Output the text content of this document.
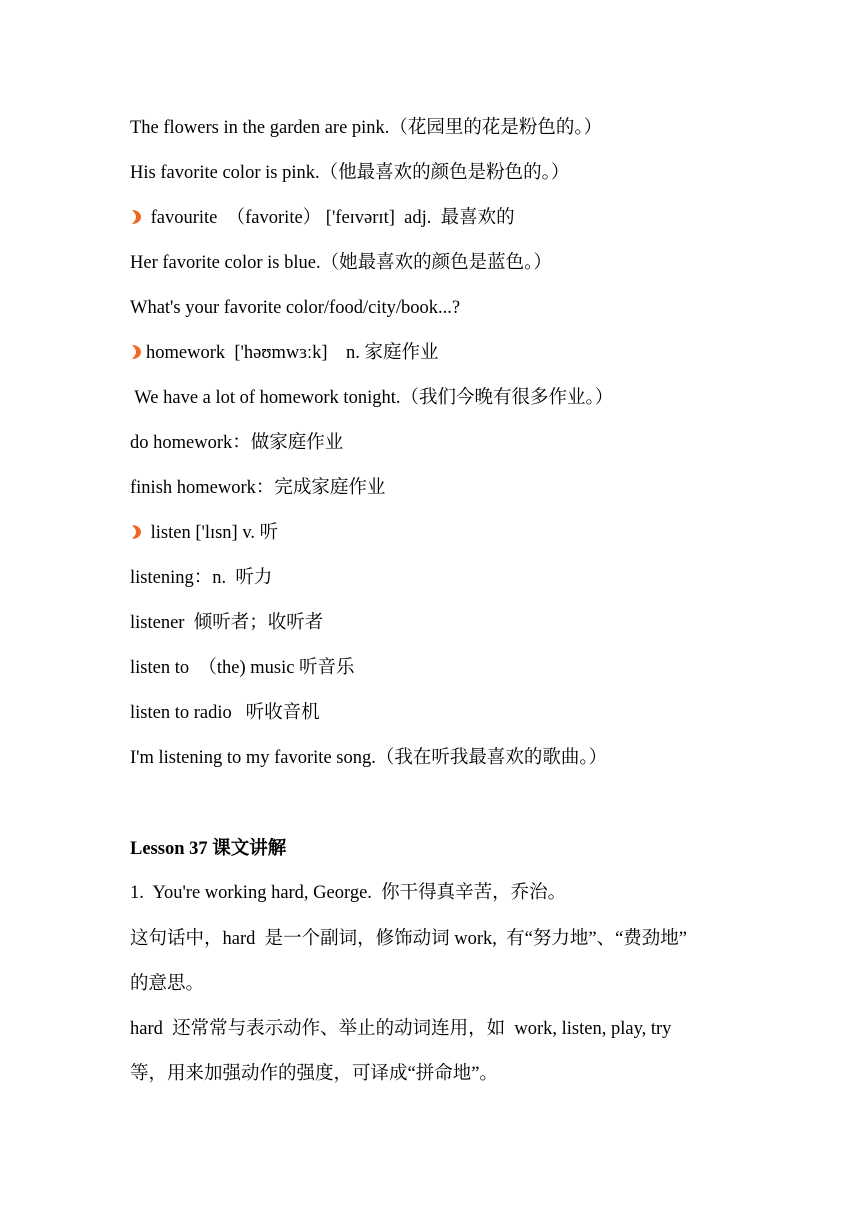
The flowers in the garden are pink.（花园里的花是粉色的。）
His favorite color is pink.（他最喜欢的颜色是粉色的。）
favourite  （favorite） ['feɪvərɪt]  adj.  最喜欢的
Her favorite color is blue.（她最喜欢的颜色是蓝色。）
What's your favorite color/food/city/book...?
homework  ['həʊmwɜːk]    n. 家庭作业
We have a lot of homework tonight.（我们今晚有很多作业。）
do homework：做家庭作业
finish homework：完成家庭作业
listen ['lɪsn] v. 听
listening：n.  听力
listener  倾听者；收听者
listen to  （the) music 听音乐
listen to radio   听收音机
I'm listening to my favorite song.（我在听我最喜欢的歌曲。）
Lesson 37 课文讲解
1.  You're working hard, George.  你干得真辛苦，乔治。
这句话中，hard  是一个副词，修饰动词 work,  有“努力地”、“费劲地”
的意思。
hard  还常常与表示动作、举止的动词连用，如  work, listen, play, try
等，用来加强动作的强度，可译成“拼命地”。
